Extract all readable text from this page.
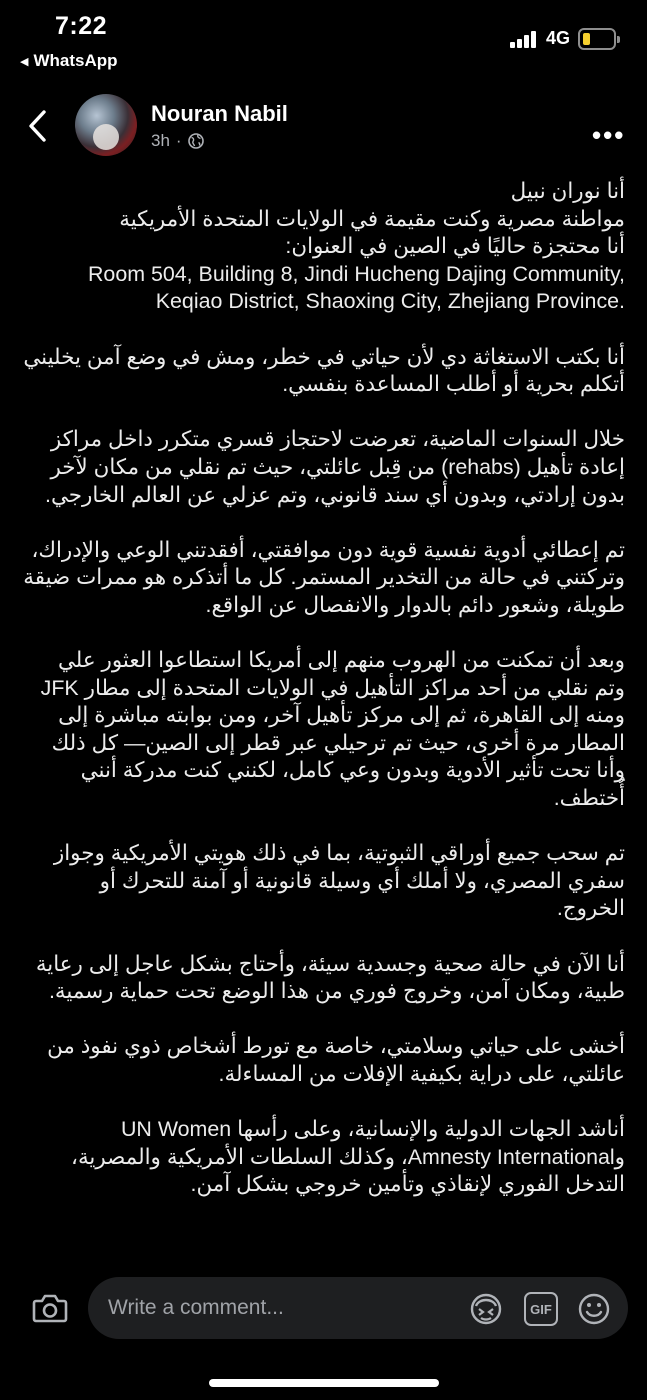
7:22
◀ WhatsApp
4G
Nouran Nabil
3h ·	•••
أنا نوران نبيل
مواطنة مصرية وكنت مقيمة في الولايات المتحدة الأمريكية
أنا محتجزة حاليًا في الصين في العنوان:
Room 504, Building 8, Jindi Hucheng Dajing Community,
Keqiao District, Shaoxing City, Zhejiang Province.
أنا بكتب الاستغاثة دي لأن حياتي في خطر، ومش في وضع آمن يخليني
أتكلم بحرية أو أطلب المساعدة بنفسي.
خلال السنوات الماضية، تعرضت لاحتجاز قسري متكرر داخل مراكز
إعادة تأهيل (rehabs) من قِبل عائلتي، حيث تم نقلي من مكان لآخر
بدون إرادتي، وبدون أي سند قانوني، وتم عزلي عن العالم الخارجي.
تم إعطائي أدوية نفسية قوية دون موافقتي، أفقدتني الوعي والإدراك،
وتركتني في حالة من التخدير المستمر. كل ما أتذكره هو ممرات ضيقة
طويلة، وشعور دائم بالدوار والانفصال عن الواقع.
وبعد أن تمكنت من الهروب منهم إلى أمريكا استطاعوا العثور علي
وتم نقلي من أحد مراكز التأهيل في الولايات المتحدة إلى مطار JFK
ومنه إلى القاهرة، ثم إلى مركز تأهيل آخر، ومن بوابته مباشرة إلى
المطار مرة أخرى، حيث تم ترحيلي عبر قطر إلى الصين— كل ذلك
وأنا تحت تأثير الأدوية وبدون وعي كامل، لكنني كنت مدركة أنني
أُختطف.
تم سحب جميع أوراقي الثبوتية، بما في ذلك هويتي الأمريكية وجواز
سفري المصري، ولا أملك أي وسيلة قانونية أو آمنة للتحرك أو
الخروج.
أنا الآن في حالة صحية وجسدية سيئة، وأحتاج بشكل عاجل إلى رعاية
طبية، ومكان آمن، وخروج فوري من هذا الوضع تحت حماية رسمية.
أخشى على حياتي وسلامتي، خاصة مع تورط أشخاص ذوي نفوذ من
عائلتي، على دراية بكيفية الإفلات من المساءلة.
أناشد الجهات الدولية والإنسانية، وعلى رأسها UN Women
وAmnesty International، وكذلك السلطات الأمريكية والمصرية،
التدخل الفوري لإنقاذي وتأمين خروجي بشكل آمن.
Write a comment...	GIF
